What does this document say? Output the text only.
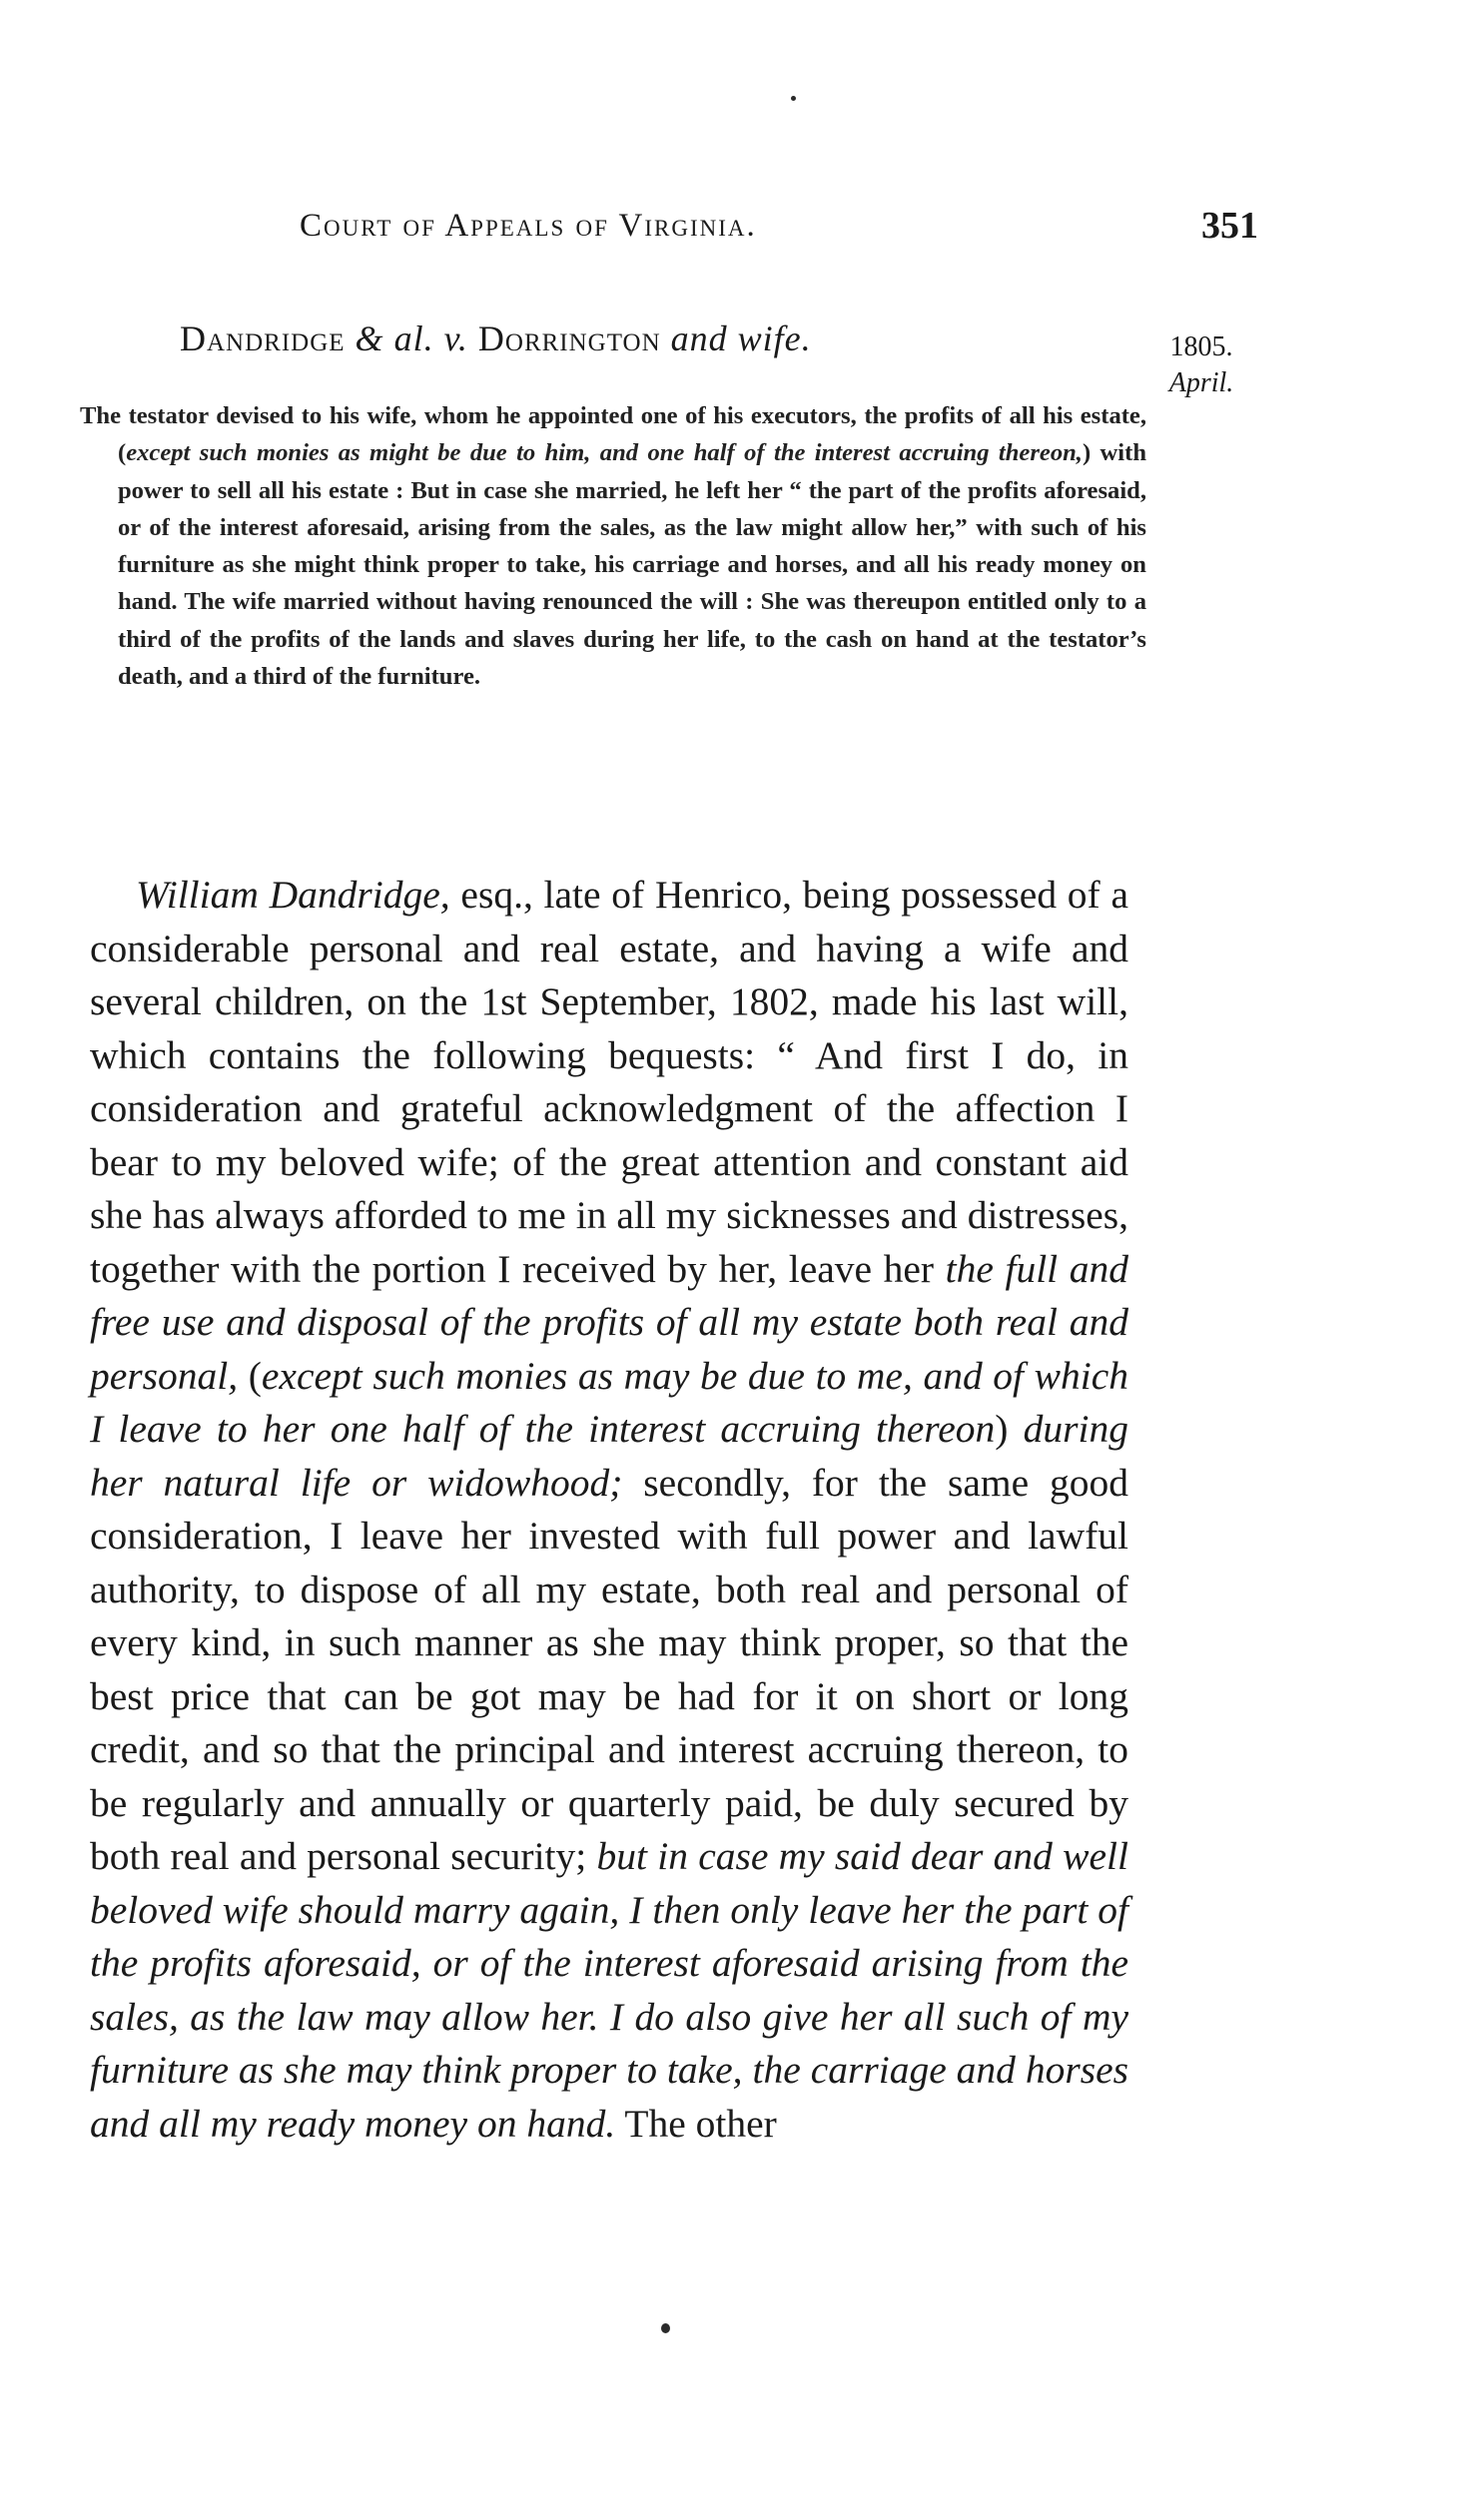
Court of Appeals of Virginia.	351
Dandridge & al. v. Dorrington and wife.	1805.
April.
The testator devised to his wife, whom he appointed one of his executors, the profits of all his estate, (except such monies as might be due to him, and one half of the interest accruing thereon,) with power to sell all his estate : But in case she married, he left her “ the part of the profits aforesaid, or of the interest aforesaid, arising from the sales, as the law might allow her,” with such of his furniture as she might think proper to take, his carriage and horses, and all his ready money on hand. The wife married without having renounced the will : She was thereupon entitled only to a third of the profits of the lands and slaves during her life, to the cash on hand at the testator’s death, and a third of the furniture.
William Dandridge, esq., late of Henrico, being possessed of a considerable personal and real estate, and having a wife and several children, on the 1st September, 1802, made his last will, which contains the following bequests: “ And first I do, in consideration and grateful acknowledgment of the affection I bear to my beloved wife; of the great attention and constant aid she has always afforded to me in all my sicknesses and distresses, together with the portion I received by her, leave her the full and free use and disposal of the profits of all my estate both real and personal, (except such monies as may be due to me, and of which I leave to her one half of the interest accruing thereon) during her natural life or widowhood; secondly, for the same good consideration, I leave her invested with full power and lawful authority, to dispose of all my estate, both real and personal of every kind, in such manner as she may think proper, so that the best price that can be got may be had for it on short or long credit, and so that the principal and interest accruing thereon, to be regularly and annually or quarterly paid, be duly secured by both real and personal security; but in case my said dear and well beloved wife should marry again, I then only leave her the part of the profits aforesaid, or of the interest aforesaid arising from the sales, as the law may allow her. I do also give her all such of my furniture as she may think proper to take, the carriage and horses and all my ready money on hand. The other
